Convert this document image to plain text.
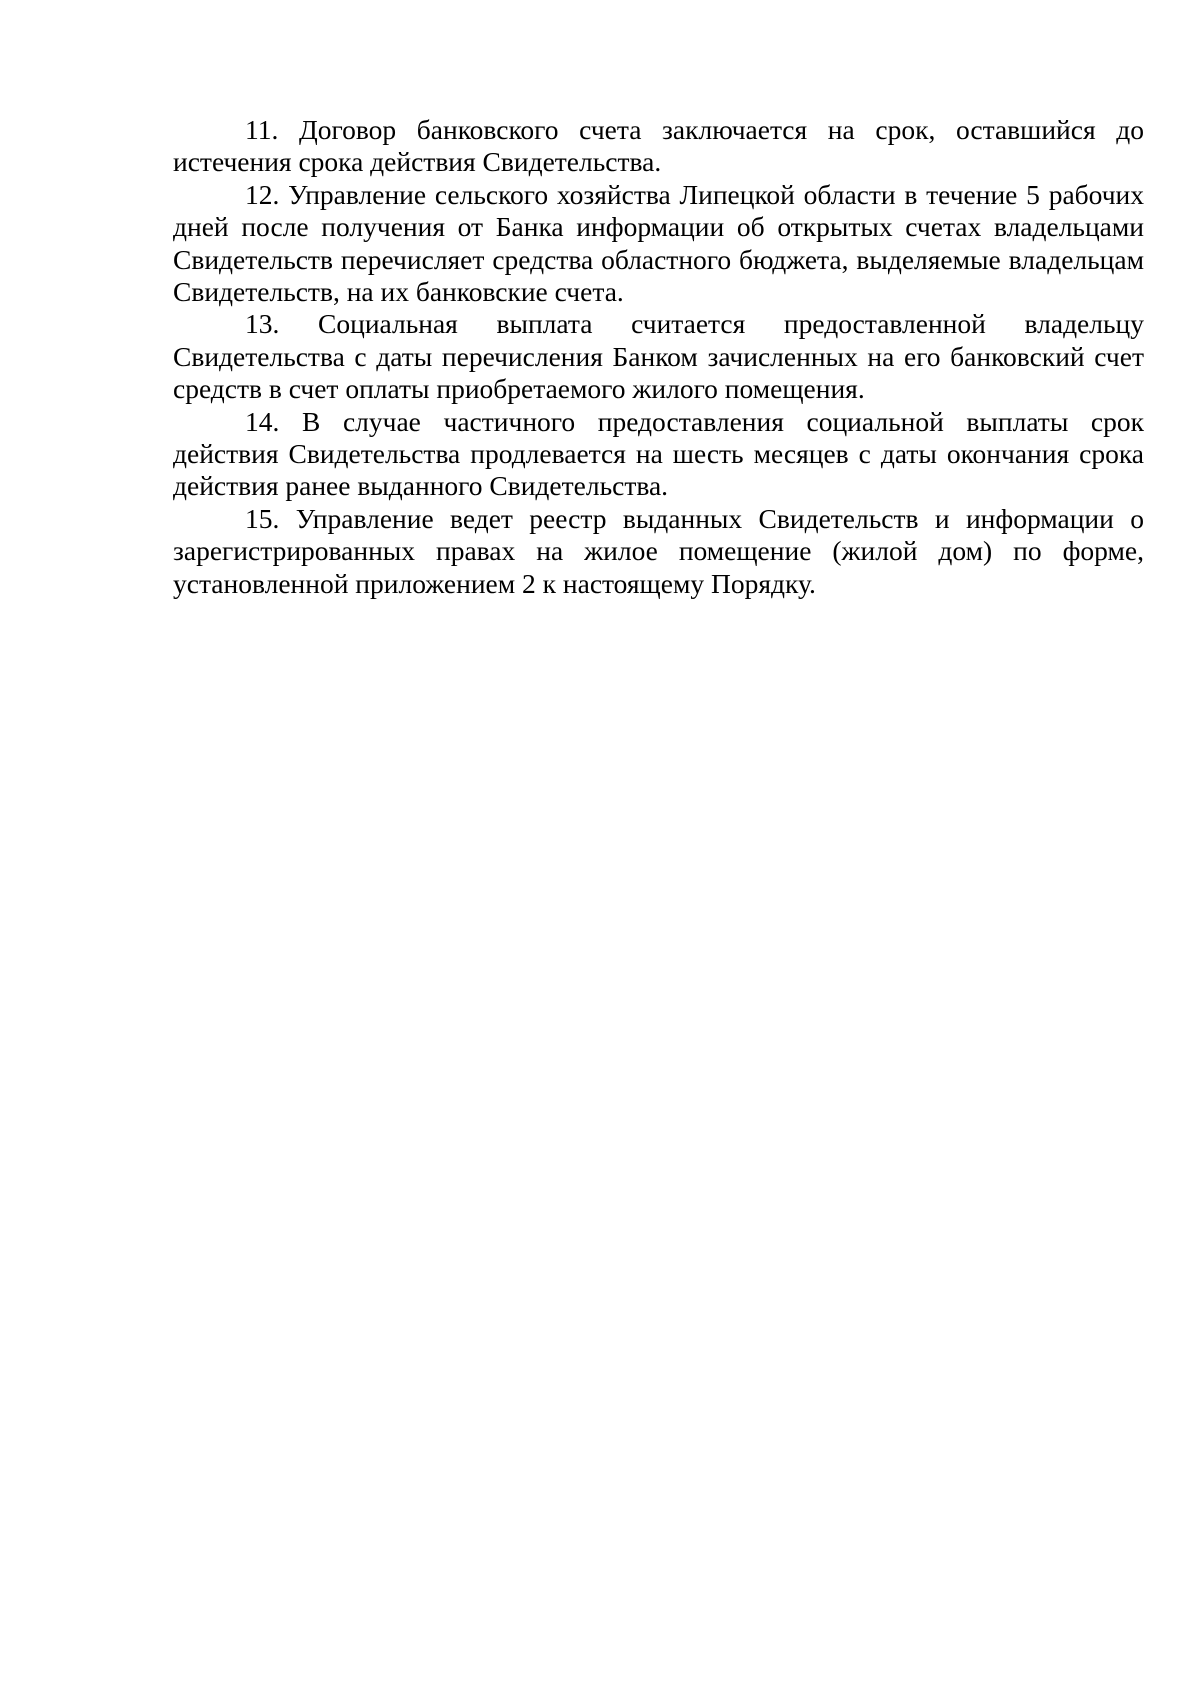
11. Договор банковского счета заключается на срок, оставшийся до истечения срока действия Свидетельства.

12. Управление сельского хозяйства Липецкой области в течение 5 рабочих дней после получения от Банка информации об открытых счетах владельцами Свидетельств перечисляет средства областного бюджета, выделяемые владельцам Свидетельств, на их банковские счета.

13. Социальная выплата считается предоставленной владельцу Свидетельства с даты перечисления Банком зачисленных на его банковский счет средств в счет оплаты приобретаемого жилого помещения.

14. В случае частичного предоставления социальной выплаты срок действия Свидетельства продлевается на шесть месяцев с даты окончания срока действия ранее выданного Свидетельства.

15. Управление ведет реестр выданных Свидетельств и информации о зарегистрированных правах на жилое помещение (жилой дом) по форме, установленной приложением 2 к настоящему Порядку.
